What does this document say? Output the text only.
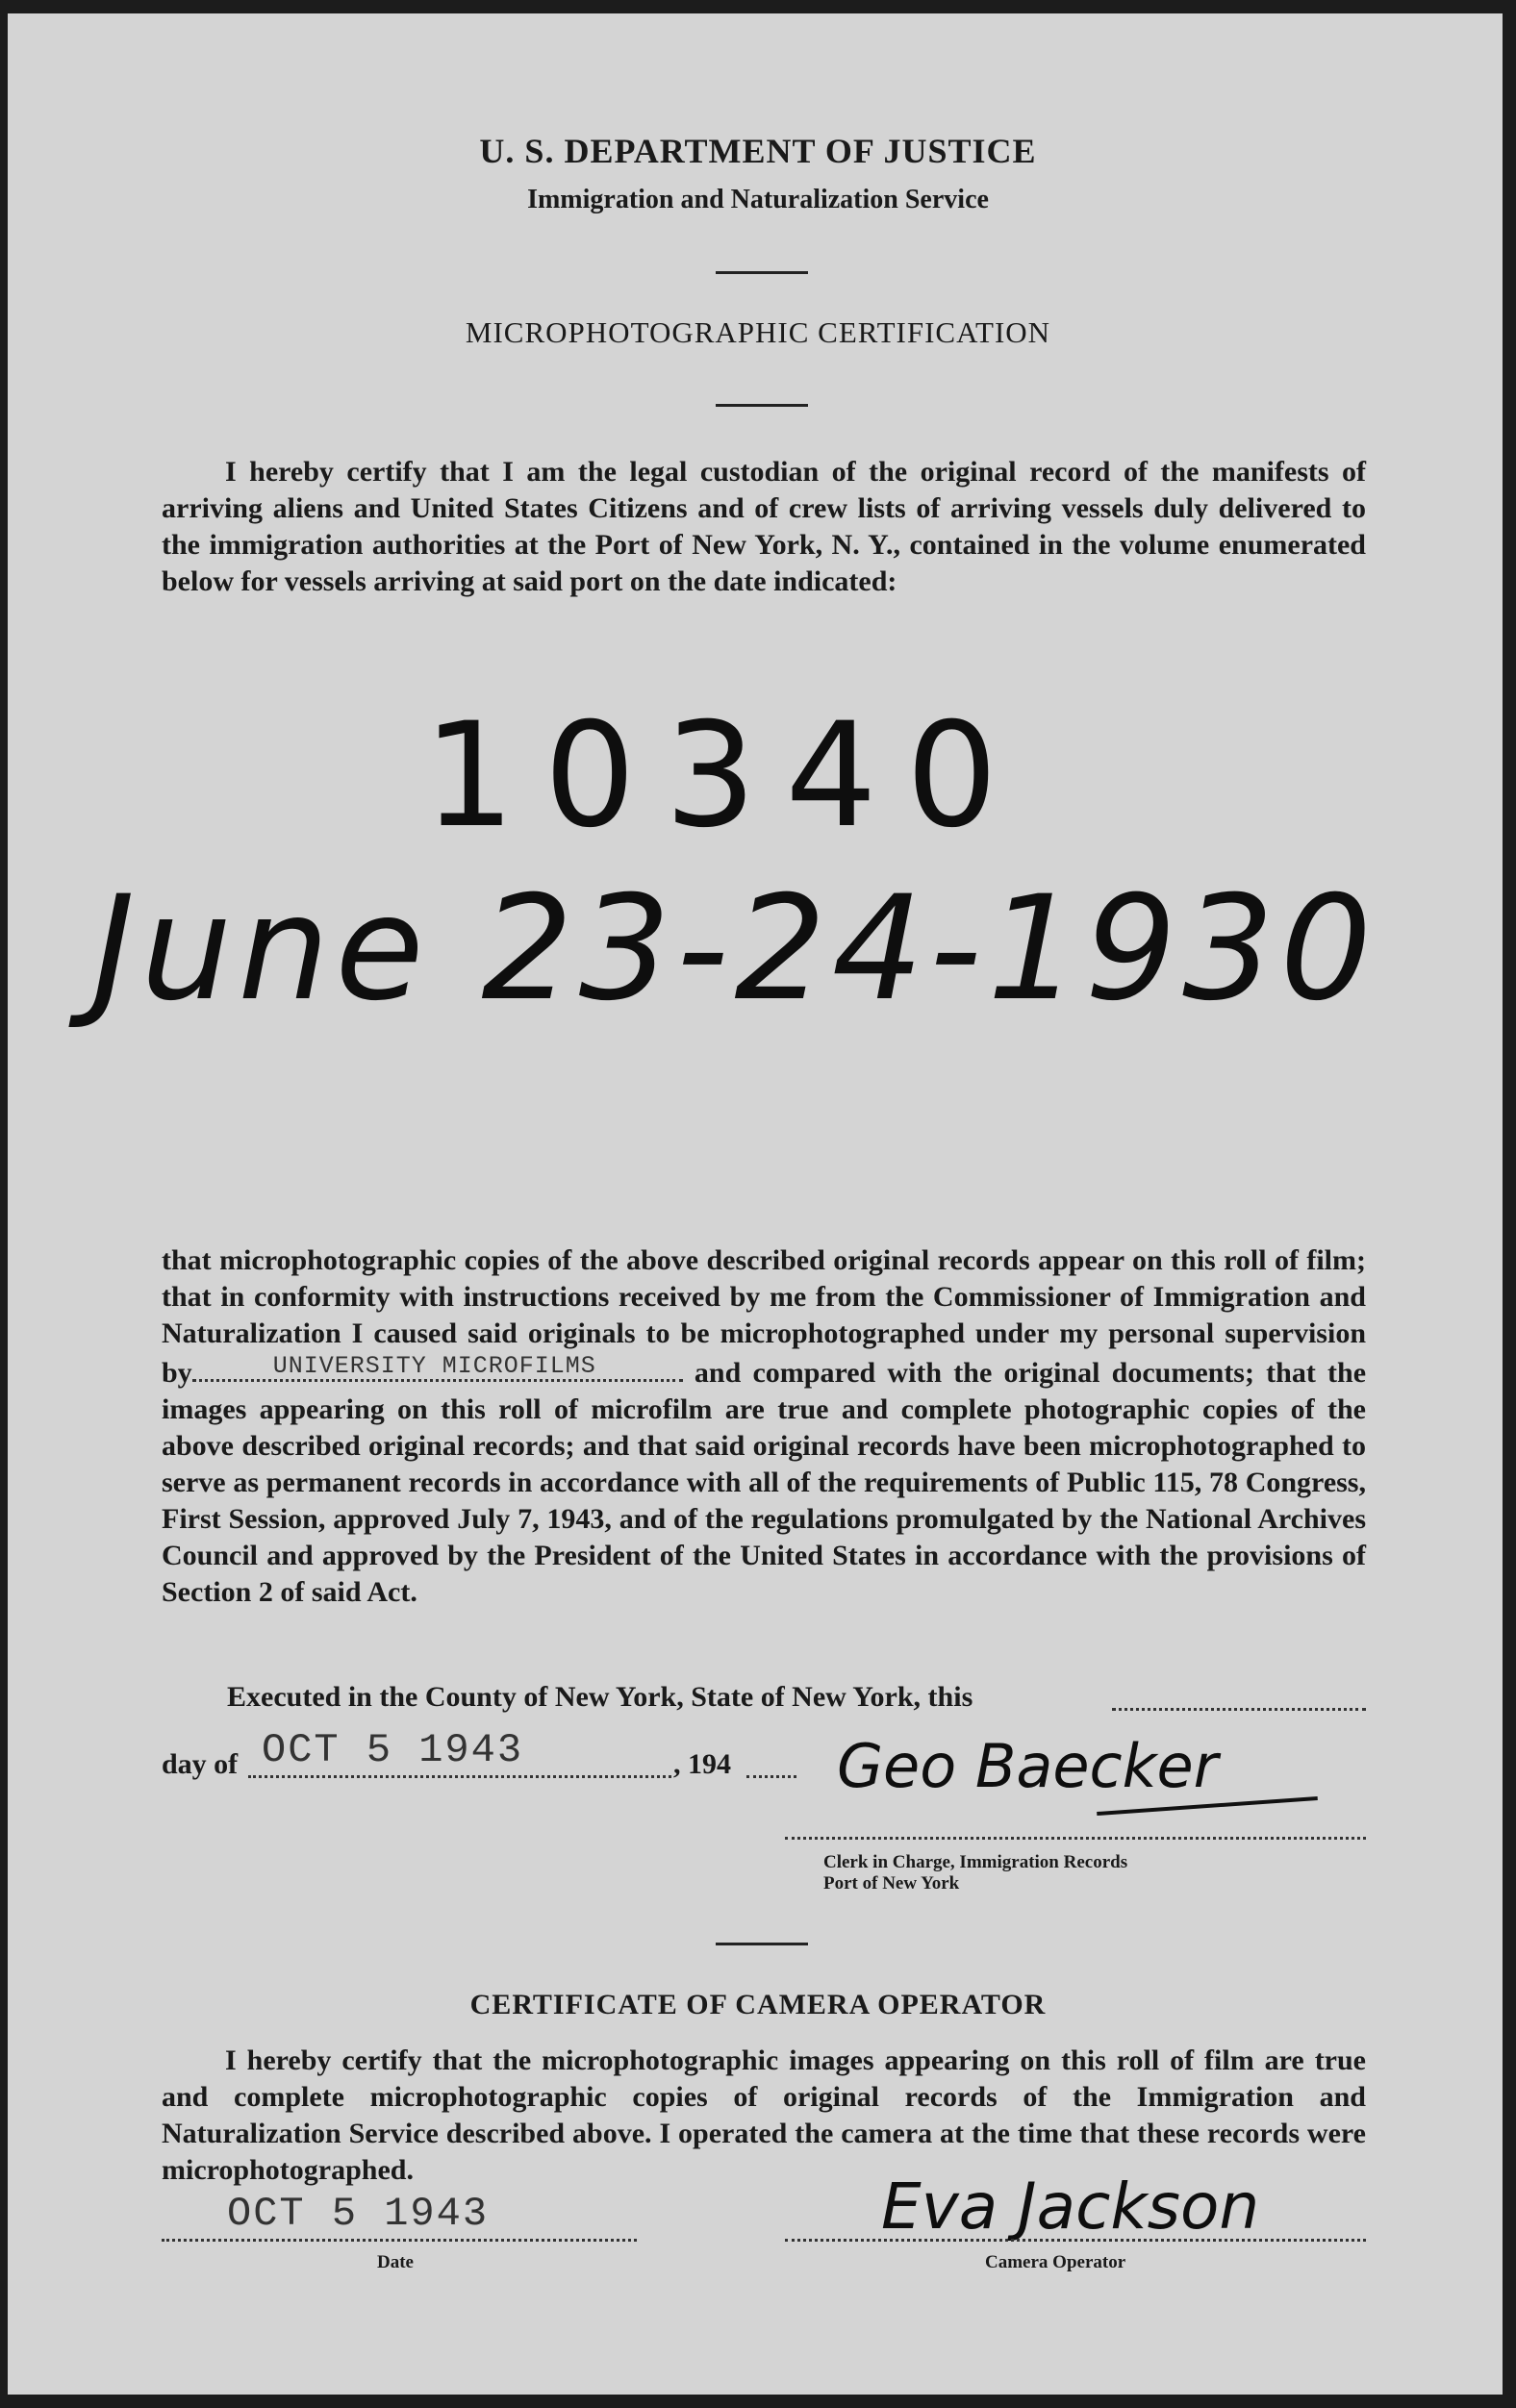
U. S. DEPARTMENT OF JUSTICE
Immigration and Naturalization Service
MICROPHOTOGRAPHIC CERTIFICATION
I hereby certify that I am the legal custodian of the original record of the manifests of arriving aliens and United States Citizens and of crew lists of arriving vessels duly delivered to the immigration authorities at the Port of New York, N. Y., contained in the volume enumerated below for vessels arriving at said port on the date indicated:
10340
June 23-24-1930
that microphotographic copies of the above described original records appear on this roll of film; that in conformity with instructions received by me from the Commissioner of Immigration and Naturalization I caused said originals to be microphotographed under my personal supervision by	UNIVERSITY MICROFILMS	and compared with the original documents; that the images appearing on this roll of microfilm are true and complete photographic copies of the above described original records; and that said original records have been microphotographed to serve as permanent records in accordance with all of the requirements of Public 115, 78 Congress, First Session, approved July 7, 1943, and of the regulations promulgated by the National Archives Council and approved by the President of the United States in accordance with the provisions of Section 2 of said Act.
Executed in the County of New York, State of New York, this
day of OCT 5 1943	, 194 Geo Baecker
Clerk in Charge, Immigration Records
Port of New York
CERTIFICATE OF CAMERA OPERATOR
I hereby certify that the microphotographic images appearing on this roll of film are true and complete microphotographic copies of original records of the Immigration and Naturalization Service described above. I operated the camera at the time that these records were microphotographed.
OCT 5 1943
Date
Eva Jackson
Camera Operator
